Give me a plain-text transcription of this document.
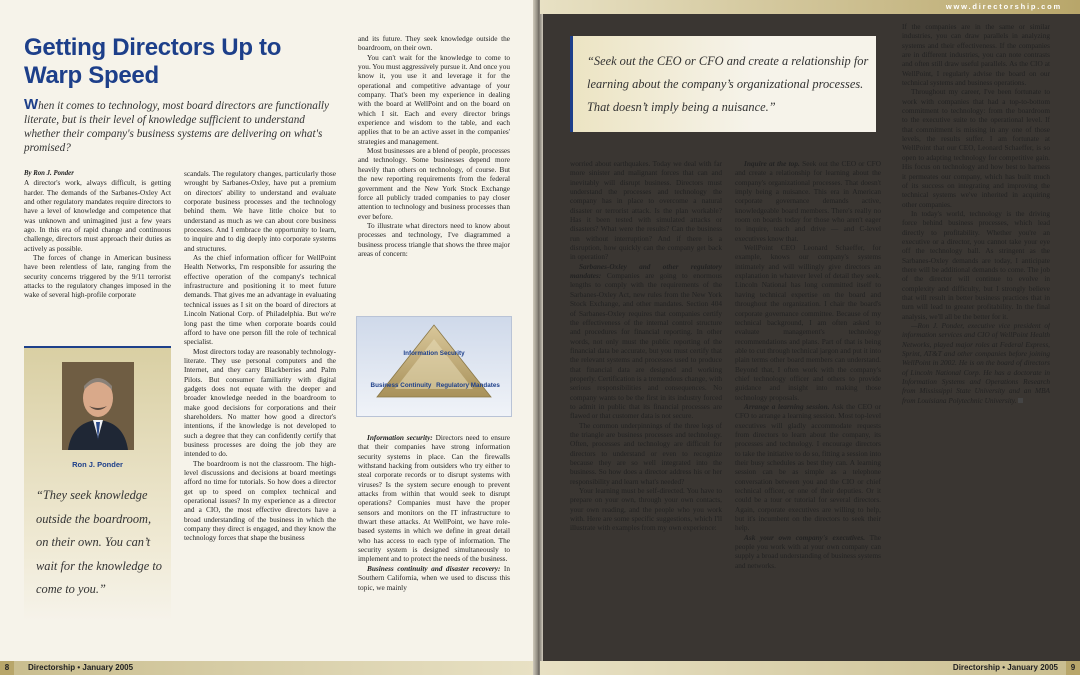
Getting Directors Up to Warp Speed
When it comes to technology, most board directors are functionally literate, but is their level of knowledge sufficient to understand whether their company's business systems are delivering on what's promised?

By Ron J. Ponder

A director's work, always difficult, is getting harder. The demands of the Sarbanes-Oxley Act and other regulatory mandates require directors to have a level of knowledge and competence that was unknown and unimagined just a few years ago. In this era of rapid change and continuous challenge, directors must approach their duties as actively as possible.

The forces of change in American business have been relentless of late, ranging from the security concerns triggered by the 9/11 terrorist attacks to the regulatory changes imposed in the wake of several high-profile corporate

Ron J. Ponder
“They seek knowledge outside the boardroom, on their own. You can’t wait for the knowledge to come to you.”

scandals. The regulatory changes, particularly those wrought by Sarbanes-Oxley, have put a premium on directors' ability to understand and evaluate corporate business processes and the technology behind them. We have little choice but to understand as much as we can about core business processes. And I embrace the opportunity to learn, to inquire and to dig deeply into corporate systems and structures.

As the chief information officer for WellPoint Health Networks, I'm responsible for assuring the effective operation of the company's technical infrastructure and positioning it to meet future demands. That gives me an advantage in evaluating technical issues as I sit on the board of directors at Lincoln National Corp. of Philadelphia. But we're long past the time when corporate boards could afford to have one person fill the role of technical specialist.

Most directors today are reasonably technology-literate. They use personal computers and the Internet, and they carry Blackberries and Palm Pilots. But consumer familiarity with digital gadgets does not equate with the deeper and broader knowledge needed in the boardroom to make good decisions for corporations and their shareholders. No matter how good a director's intentions, if the knowledge is not developed to such a degree that they can confidently certify that business processes are doing the job they are intended to do.

The boardroom is not the classroom. The high-level discussions and decisions at board meetings afford no time for tutorials. So how does a director get up to speed on complex technical and operational issues? In my experience as a director and a CIO, the most effective directors have a broad understanding of the business in which the company they direct is engaged, and they know the technology forces that shape the business

and its future. They seek knowledge outside the boardroom, on their own.

You can't wait for the knowledge to come to you. You must aggressively pursue it. And once you know it, you use it and leverage it for the operational and competitive advantage of your company. That's been my experience in dealing with the board at WellPoint and on the board on which I sit. Each and every director brings experience and wisdom to the table, and each applies that to be an active asset in the companies' strategies and management.

Most businesses are a blend of people, processes and technology. Some businesses depend more heavily than others on technology, of course. But the new reporting requirements from the federal government and the New York Stock Exchange force all publicly traded companies to pay closer attention to technology and business processes than ever before.

To illustrate what directors need to know about processes and technology, I've diagrammed a business process triangle that shows the three major areas of concern:

Information Security
Business Continuity Regulatory Mandates

Information security: Directors need to ensure that their companies have strong information security systems in place. Can the firewalls withstand hacking from outsiders who try either to steal corporate records or to disrupt systems with viruses? Is the system secure enough to prevent attacks from within that would seek to disrupt operations? Companies must have the proper sensors and monitors on the IT infrastructure to thwart these attacks. At WellPoint, we have role-based systems in which we define in great detail who has access to each type of information. The security system is designed simultaneously to implement and to protect the needs of the business.

Business continuity and disaster recovery: In Southern California, when we used to discuss this topic, we mainly

8	Directorship • January 2005
www.directorship.com
“Seek out the CEO or CFO and create a relationship for learning about the company’s organizational processes. That doesn’t imply being a nuisance.”

worried about earthquakes. Today we deal with far more sinister and malignant forces that can and inevitably will disrupt business. Directors must understand the processes and technology the company has in place to overcome a natural disaster or terrorist attack. Is the plan workable? Has it been tested with simulated attacks or disasters? What were the results? Can the business run without interruption? And if there is a disruption, how quickly can the company get back in operation?

Sarbanes-Oxley and other regulatory mandates: Companies are going to enormous lengths to comply with the requirements of the Sarbanes-Oxley Act, new rules from the New York Stock Exchange, and other mandates. Section 404 of Sarbanes-Oxley requires that companies certify the effectiveness of the internal control structure and procedures for financial reporting. In other words, not only must the public reporting of the financial data be accurate, but you must certify that the relevant systems and processes used to produce that financial data are designed and working properly. Certification is a tremendous change, with serious responsibilities and consequences. No company wants to be the first in its industry forced to admit in public that its financial processes are flawed or that customer data is not secure.

The common underpinnings of the three legs of the triangle are business processes and technology. Often, processes and technology are difficult for directors to understand or even to recognize because they are so well integrated into the business. So how does a director address his or her responsibility and learn what's needed?

Your learning must be self-directed. You have to prepare on your own, through your own contacts, your own reading, and the people who you work with. Here are some specific suggestions, which I'll illustrate with examples from my own experience:

Inquire at the top. Seek out the CEO or CFO and create a relationship for learning about the company's organizational processes. That doesn't imply being a nuisance. This era in American corporate governance demands active, knowledgeable board members. There's really no room on boards today for those who aren't eager to inquire, teach and drive — and C-level executives know that.

WellPoint CEO Leonard Schaeffer, for example, knows our company's systems intimately and will willingly give directors an explanation in whatever level of detail they seek. Lincoln National has long committed itself to having technical expertise on the board and throughout the organization. I chair the board's corporate governance committee. Because of my technical background, I am often asked to evaluate management's technology recommendations and plans. Part of that is being able to cut through technical jargon and put it into plain terms other board members can understand. Beyond that, I often work with the company's chief technology officer and others to provide guidance and insight into making those technology proposals.

Arrange a learning session. Ask the CEO or CFO to arrange a learning session. Most top-level executives will gladly accommodate requests from directors to learn about the company, its processes and technology. I encourage directors to take the initiative to do so, fitting a session into their busy schedules as best they can. A learning session can be as simple as a telephone conversation between you and the CIO or chief technical officer, or one of their deputies. Or it could be a tour or tutorial for several directors. Again, corporate executives are willing to help, but it's incumbent on the directors to seek their help.

Ask your own company's executives. The people you work with at your own company can supply a broad understanding of business systems and networks.

If the companies are in the same or similar industries, you can draw parallels in analyzing systems and their effectiveness. If the companies are in different industries, you can note contrasts and often still draw useful parallels. As the CIO at WellPoint, I regularly advise the board on our technical systems and business operations.

Throughout my career, I've been fortunate to work with companies that had a top-to-bottom commitment to technology: from the boardroom to the executive suite to the operational level. If that commitment is missing in any one of those levels, the results suffer. I am fortunate at WellPoint that our CEO, Leonard Schaeffer, is so open to adapting technology for competitive gain. His focus on technology and how best to harness it permeates our company, which has built much of its success on integrating and improving the technical systems we've inherited in acquiring other companies.

In today's world, technology is the driving force behind business processes, which lead directly to profitability. Whether you're an executive or a director, you cannot take your eye off the technology ball. As stringent as the Sarbanes-Oxley demands are today, I anticipate there will be additional demands to come. The job of the director will continue to evolve in complexity and difficulty, but I strongly believe that will result in better business practices that in turn will lead to greater profitability. In the final analysis, we'll all be the better for it.

—Ron J. Ponder, executive vice president of information services and CIO of WellPoint Health Networks, played major roles at Federal Express, Sprint, AT&T and other companies before joining WellPoint in 2002. He is on the board of directors of Lincoln National Corp. He has a doctorate in Information Systems and Operations Research from Mississippi State University and an MBA from Louisiana Polytechnic University.

Directorship • January 2005	9
